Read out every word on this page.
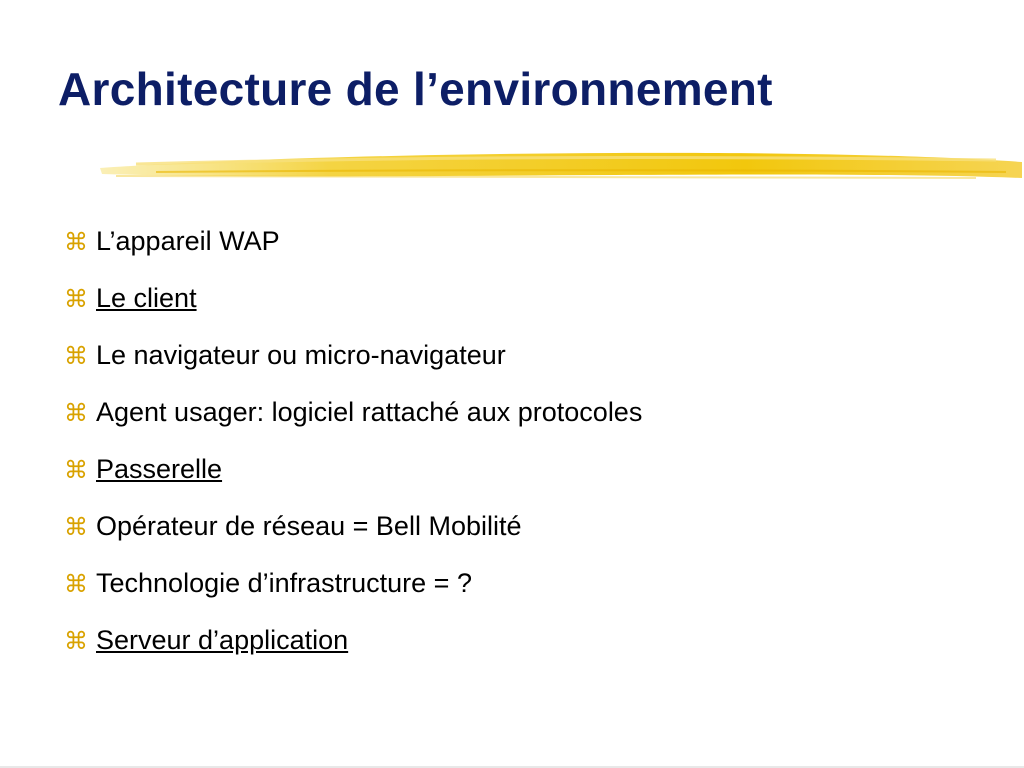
Architecture de l’environnement
⌘ L’appareil WAP
⌘ Le client
⌘ Le navigateur ou micro-navigateur
⌘ Agent usager: logiciel rattaché aux protocoles
⌘ Passerelle
⌘ Opérateur de réseau = Bell Mobilité
⌘ Technologie d’infrastructure = ?
⌘ Serveur d’application
